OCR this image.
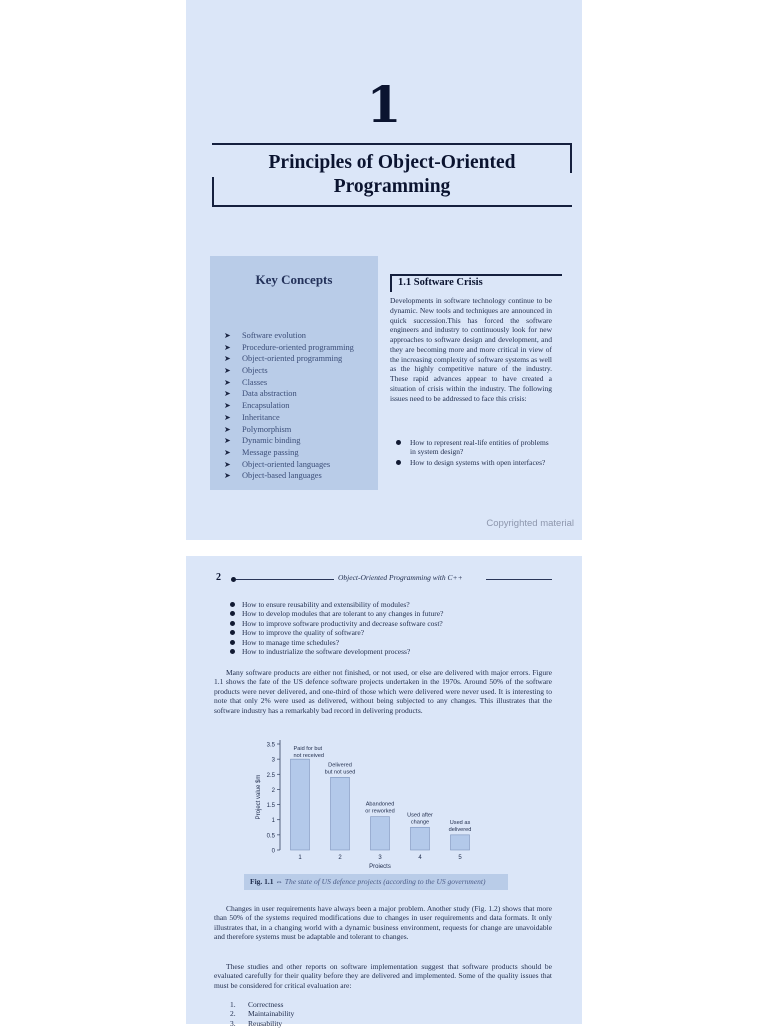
1
Principles of Object-Oriented
Programming
Key Concepts
➤ Software evolution
➤ Procedure-oriented programming
➤ Object-oriented programming
➤ Objects
➤ Classes
➤ Data abstraction
➤ Encapsulation
➤ Inheritance
➤ Polymorphism
➤ Dynamic binding
➤ Message passing
➤ Object-oriented languages
➤ Object-based languages
1.1 Software Crisis
Developments in software technology continue to be dynamic. New tools and techniques are announced in quick succession.This has forced the software engineers and industry to continuously look for new approaches to software design and development, and they are becoming more and more critical in view of the increasing complexity of software systems as well as the highly competitive nature of the industry. These rapid advances appear to have created a situation of crisis within the industry. The following issues need to be addressed to face this crisis:
How to represent real-life entities of problems in system design?
How to design systems with open interfaces?
Copyrighted material
2	Object-Oriented Programming with C++
How to ensure reusability and extensibility of modules?
How to develop modules that are tolerant to any changes in future?
How to improve software productivity and decrease software cost?
How to improve the quality of software?
How to manage time schedules?
How to industrialize the software development process?
Many software products are either not finished, or not used, or else are delivered with major errors. Figure 1.1 shows the fate of the US defence software projects undertaken in the 1970s. Around 50% of the software products were never delivered, and one-third of those which were delivered were never used. It is interesting to note that only 2% were used as delivered, without being subjected to any changes. This illustrates that the software industry has a remarkably bad record in delivering products.
0
0.5
1
1.5
2
2.5
3
3.5
Project value $m
1
Paid for but
not received
2
Delivered
but not used
3
Abandoned
or reworked
4
Used after
change
5
Used as
delivered
Projects
Fig. 1.1 ⇔ The state of US defence projects (according to the US government)
Changes in user requirements have always been a major problem. Another study (Fig. 1.2) shows that more than 50% of the systems required modifications due to changes in user requirements and data formats. It only illustrates that, in a changing world with a dynamic business environment, requests for change are unavoidable and therefore systems must be adaptable and tolerant to changes.
These studies and other reports on software implementation suggest that software products should be evaluated carefully for their quality before they are delivered and implemented. Some of the quality issues that must be considered for critical evaluation are:
1. Correctness
2. Maintainability
3. Reusability
